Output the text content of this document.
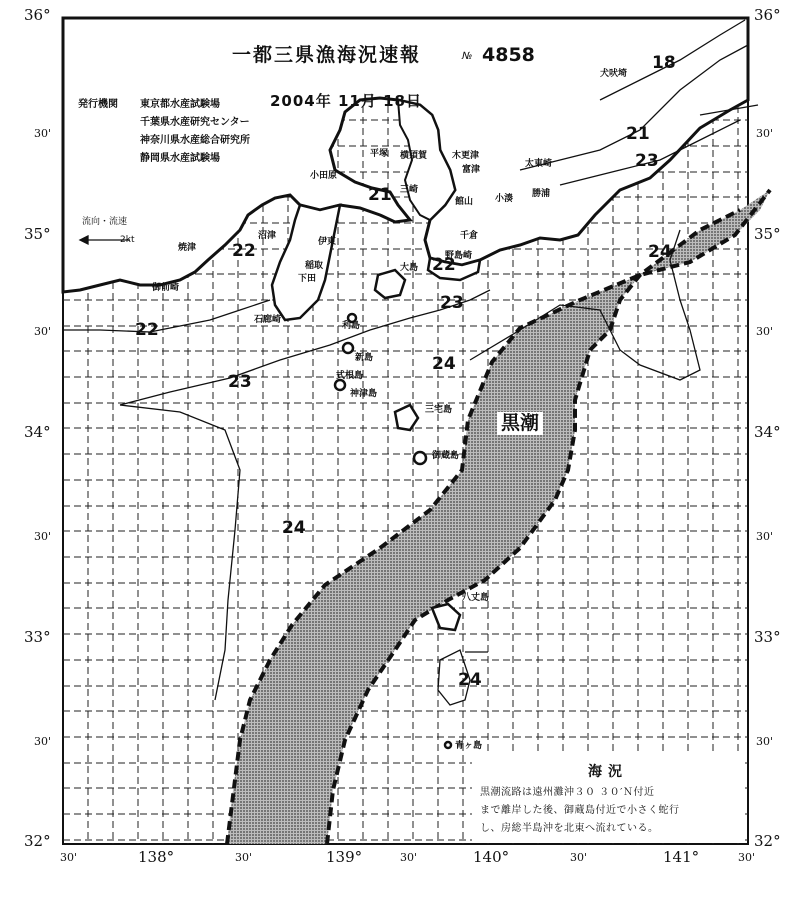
36°	36°
35°	35°
34°	34°
33°	33°
32°	32°
30'	30'
30'	30'
30'	30'
30'	30'
138°	139°	140°	141°
30'	30'	30'	30'	30'
一都三県漁海況速報	№ 4858
2004年 11月 18日
発行機関 東京都水産試験場
千葉県水産研究センター
神奈川県水産総合研究所
静岡県水産試験場
流向・流速
2kt
平塚 横須賀	木更津
富津
小田原
三崎
館山
勝浦
太東崎
小湊
千倉
野島崎
犬吠埼
沼津
伊東
稲取
下田
石廊崎
焼津
御前崎
大島
利島
新島
式根島
神津島
三宅島
御蔵島
八丈島
青ヶ島
18
21
23
21
22
22
22
24
23
23
24
24
24
黒潮
海況
黒潮流路は遠州灘沖３０ ３０′Ｎ付近
まで離岸した後、御蔵島付近で小さく蛇行
し、房総半島沖を北東へ流れている。
